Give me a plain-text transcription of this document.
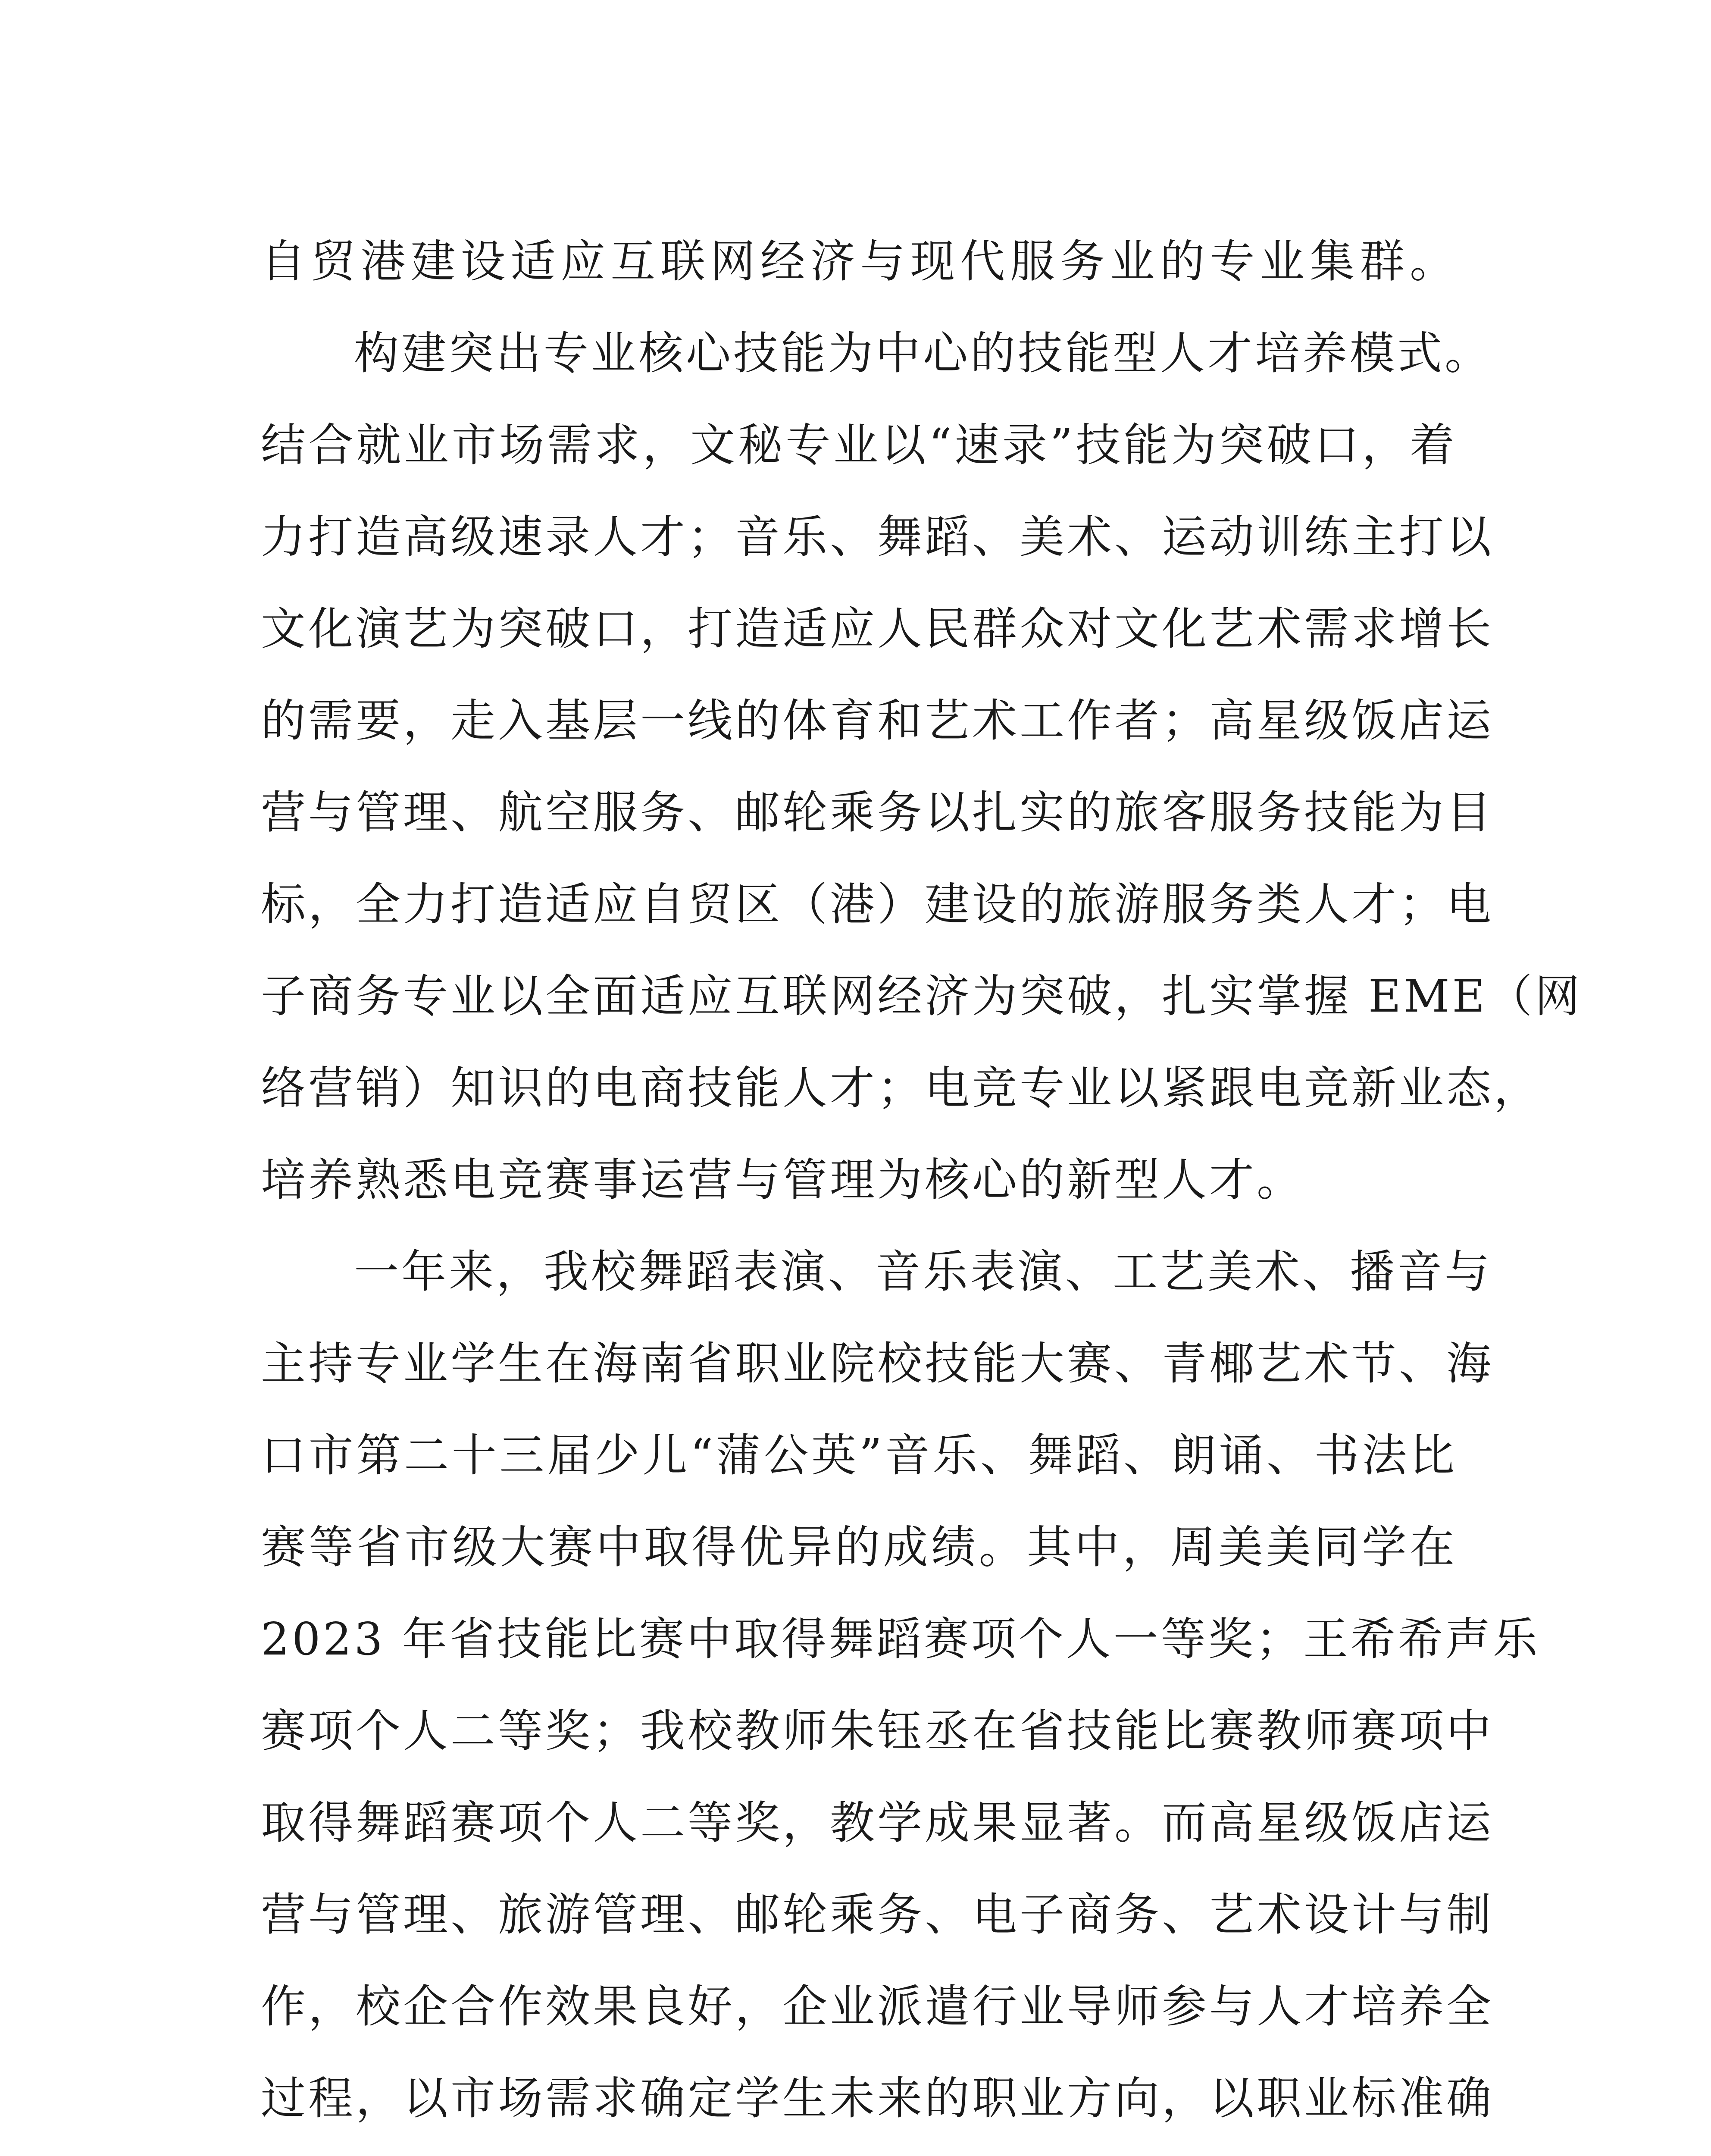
自贸港建设适应互联网经济与现代服务业的专业集群。
构建突出专业核心技能为中心的技能型人才培养模式。
结合就业市场需求，文秘专业以“速录”技能为突破口，着
力打造高级速录人才；音乐、舞蹈、美术、运动训练主打以
文化演艺为突破口，打造适应人民群众对文化艺术需求增长
的需要，走入基层一线的体育和艺术工作者；高星级饭店运
营与管理、航空服务、邮轮乘务以扎实的旅客服务技能为目
标，全力打造适应自贸区（港）建设的旅游服务类人才；电
子商务专业以全面适应互联网经济为突破，扎实掌握 EME（网
络营销）知识的电商技能人才；电竞专业以紧跟电竞新业态，
培养熟悉电竞赛事运营与管理为核心的新型人才。
一年来，我校舞蹈表演、音乐表演、工艺美术、播音与
主持专业学生在海南省职业院校技能大赛、青椰艺术节、海
口市第二十三届少儿“蒲公英”音乐、舞蹈、朗诵、书法比
赛等省市级大赛中取得优异的成绩。其中，周美美同学在
2023 年省技能比赛中取得舞蹈赛项个人一等奖；王希希声乐
赛项个人二等奖；我校教师朱钰丞在省技能比赛教师赛项中
取得舞蹈赛项个人二等奖，教学成果显著。而高星级饭店运
营与管理、旅游管理、邮轮乘务、电子商务、艺术设计与制
作，校企合作效果良好，企业派遣行业导师参与人才培养全
过程，以市场需求确定学生未来的职业方向，以职业标准确
